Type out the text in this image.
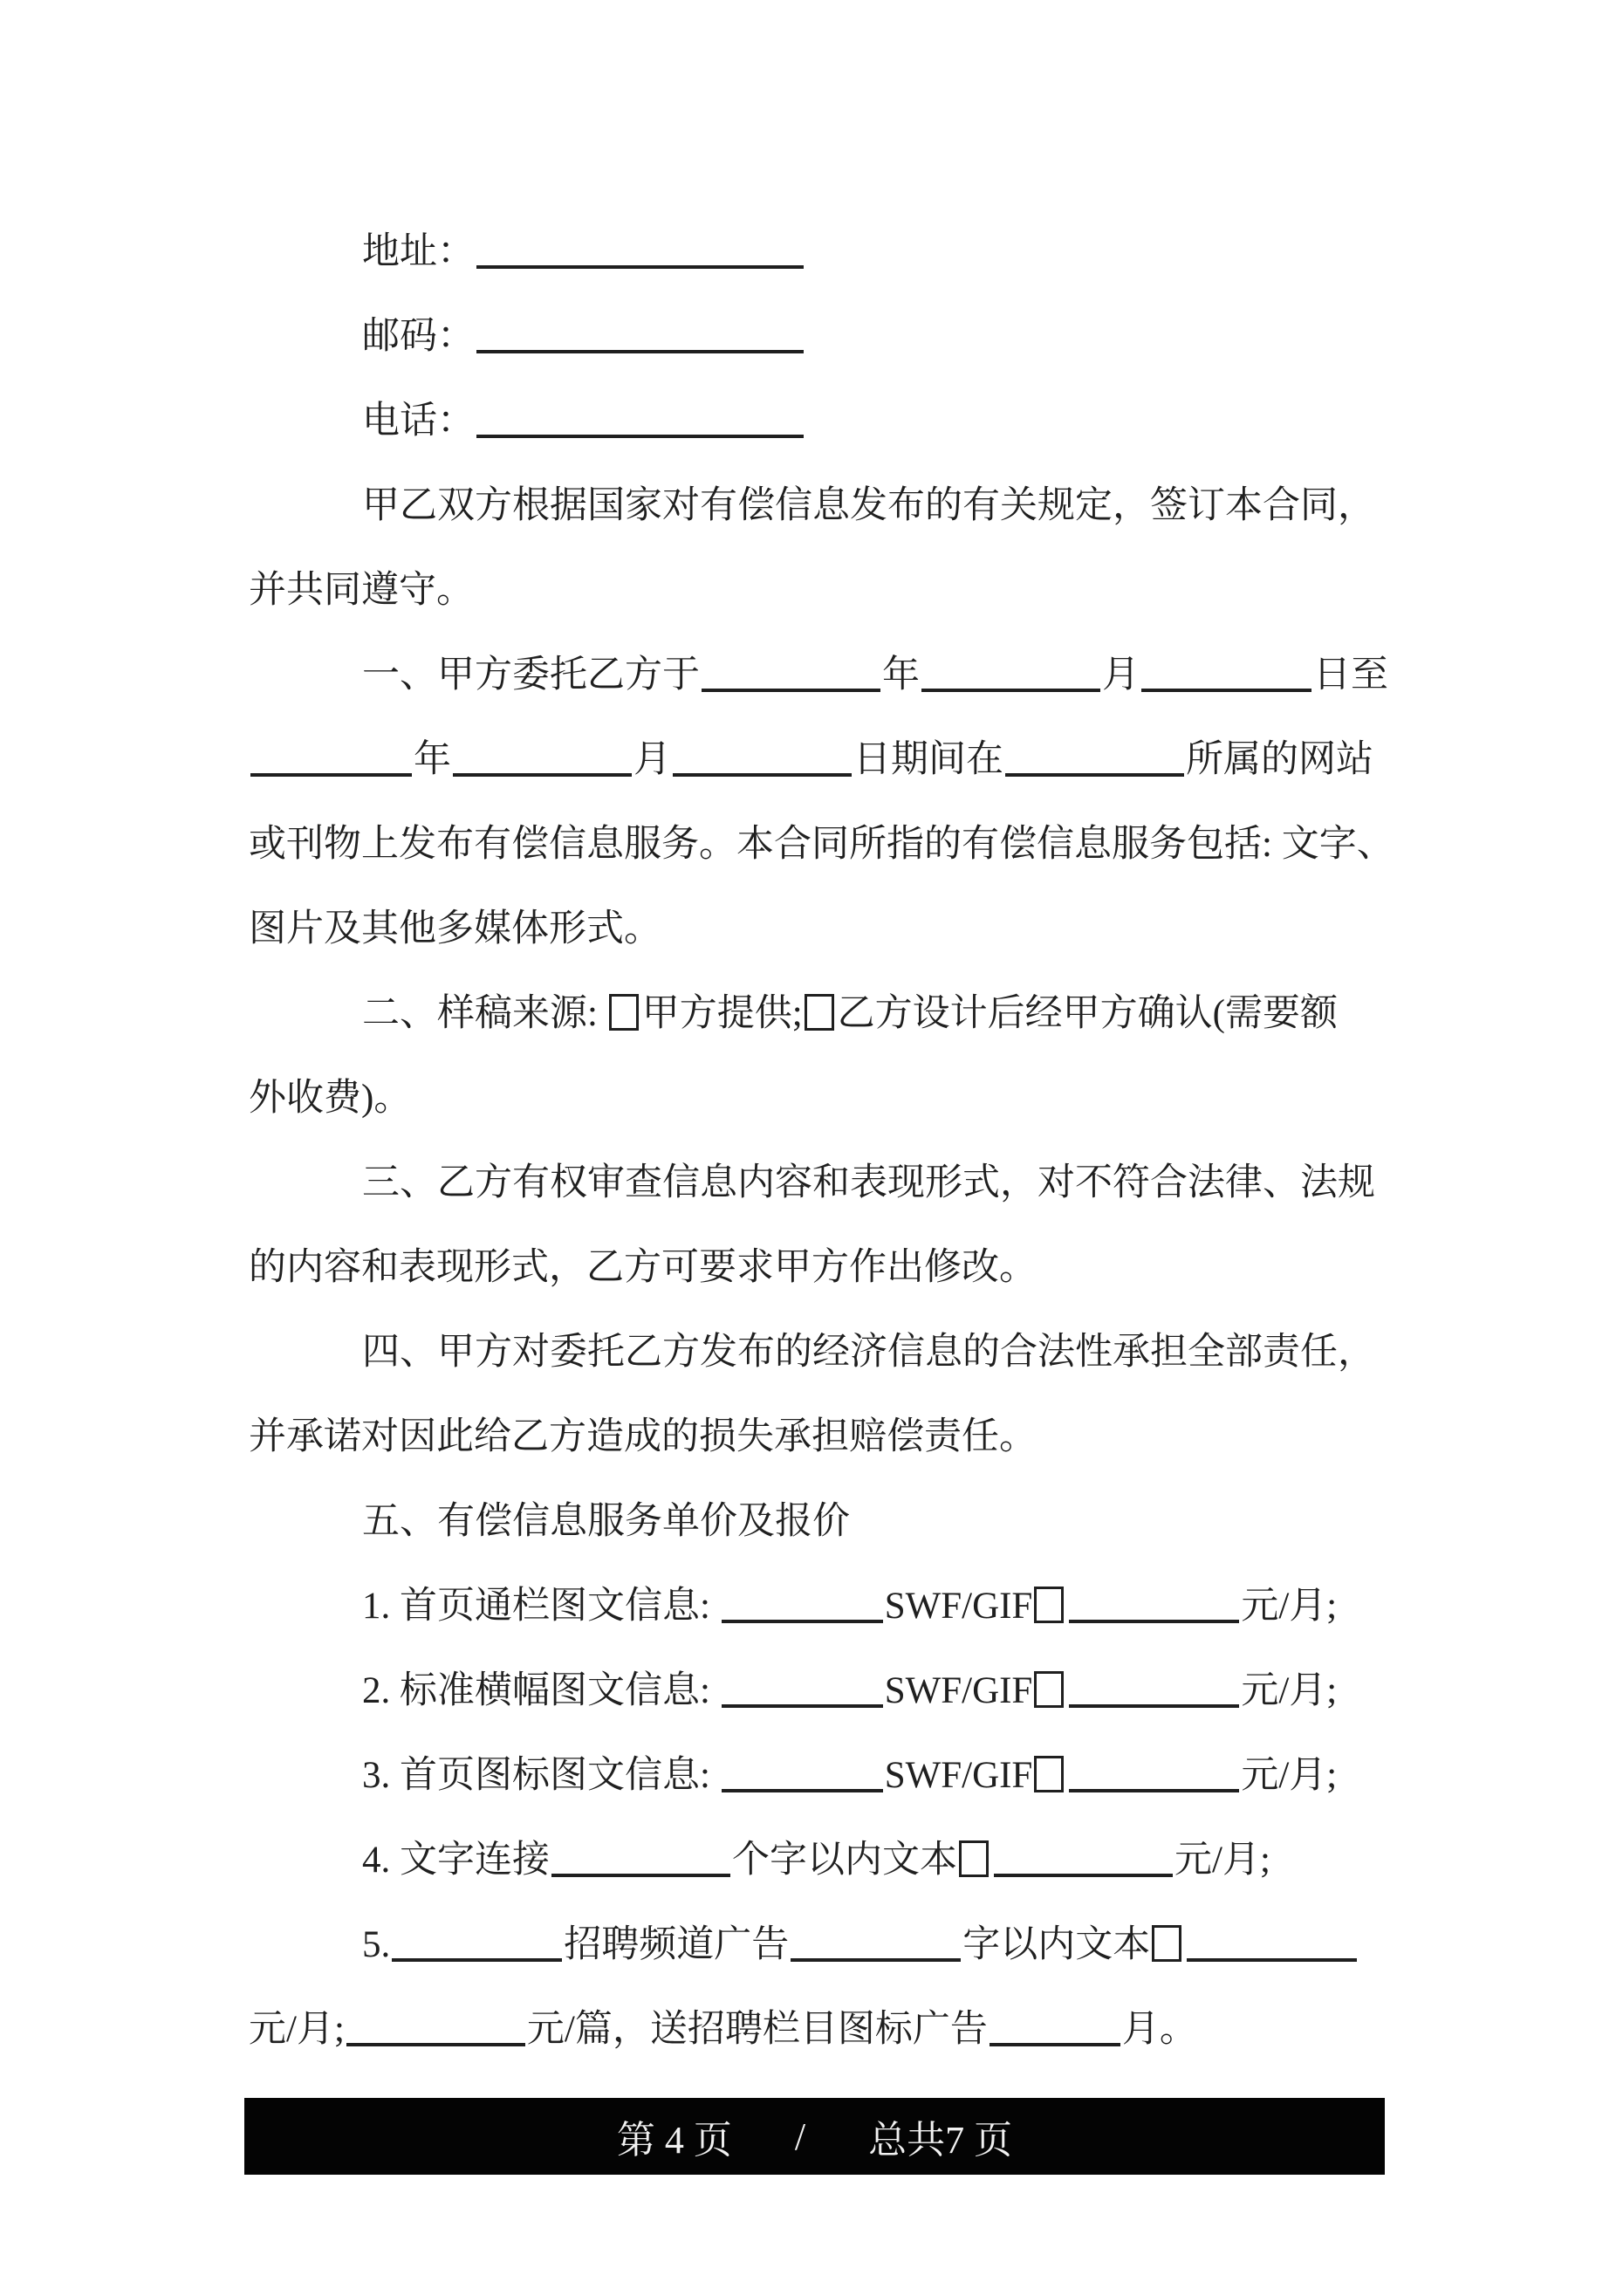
地址：
邮码：
电话：
甲乙双方根据国家对有偿信息发布的有关规定，签订本合同，
并共同遵守。
一、甲方委托乙方于	年	月	日至
年	月	日期间在	所属的网站
或刊物上发布有偿信息服务。本合同所指的有偿信息服务包括: 文字、
图片及其他多媒体形式。
二、样稿来源: 甲方提供; 乙方设计后经甲方确认(需要额
外收费)。
三、乙方有权审查信息内容和表现形式，对不符合法律、法规
的内容和表现形式，乙方可要求甲方作出修改。
四、甲方对委托乙方发布的经济信息的合法性承担全部责任，
并承诺对因此给乙方造成的损失承担赔偿责任。
五、有偿信息服务单价及报价
1. 首页通栏图文信息:	SWF/GIF	元/月;
2. 标准横幅图文信息:	SWF/GIF	元/月;
3. 首页图标图文信息:	SWF/GIF	元/月;
4. 文字连接	个字以内文本	元/月;
5.	招聘频道广告	字以内文本
元/月;	元/篇，送招聘栏目图标广告	月。
第 4 页 / 总共7 页
